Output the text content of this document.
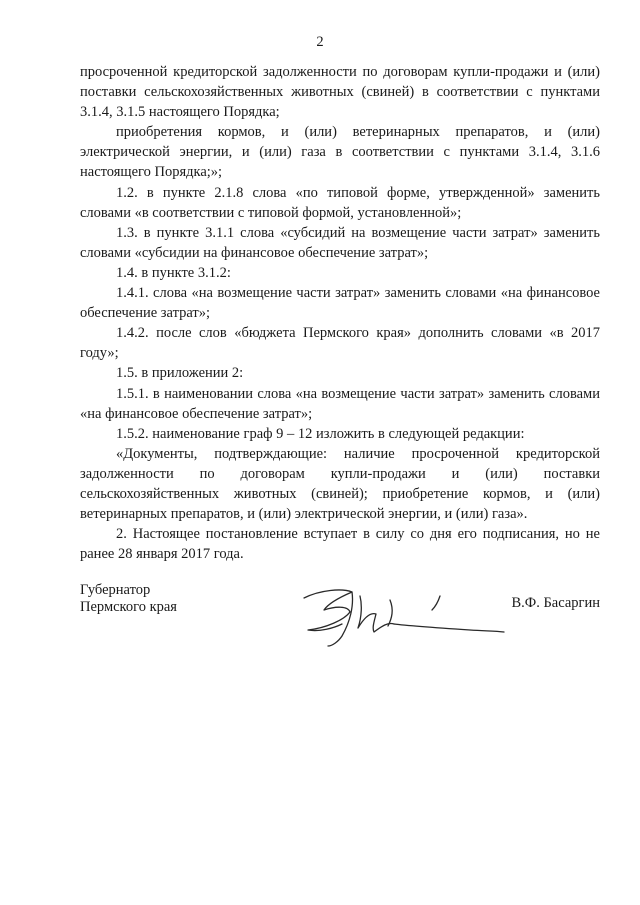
2

просроченной кредиторской задолженности по договорам купли-продажи и (или) поставки сельскохозяйственных животных (свиней) в соответствии с пунктами 3.1.4, 3.1.5 настоящего Порядка;

приобретения кормов, и (или) ветеринарных препаратов, и (или) электрической энергии, и (или) газа в соответствии с пунктами 3.1.4, 3.1.6 настоящего Порядка;»;

1.2. в пункте 2.1.8 слова «по типовой форме, утвержденной» заменить словами «в соответствии с типовой формой, установленной»;

1.3. в пункте 3.1.1 слова «субсидий на возмещение части затрат» заменить словами «субсидии на финансовое обеспечение затрат»;

1.4. в пункте 3.1.2:

1.4.1. слова «на возмещение части затрат» заменить словами «на финансовое обеспечение затрат»;

1.4.2. после слов «бюджета Пермского края» дополнить словами «в 2017 году»;

1.5. в приложении 2:

1.5.1. в наименовании слова «на возмещение части затрат» заменить словами «на финансовое обеспечение затрат»;

1.5.2. наименование граф 9 – 12 изложить в следующей редакции:

«Документы, подтверждающие: наличие просроченной кредиторской задолженности по договорам купли-продажи и (или) поставки сельскохозяйственных животных (свиней); приобретение кормов, и (или) ветеринарных препаратов, и (или) электрической энергии, и (или) газа».

2. Настоящее постановление вступает в силу со дня его подписания, но не ранее 28 января 2017 года.

Губернатор
Пермского края	В.Ф. Басаргин
